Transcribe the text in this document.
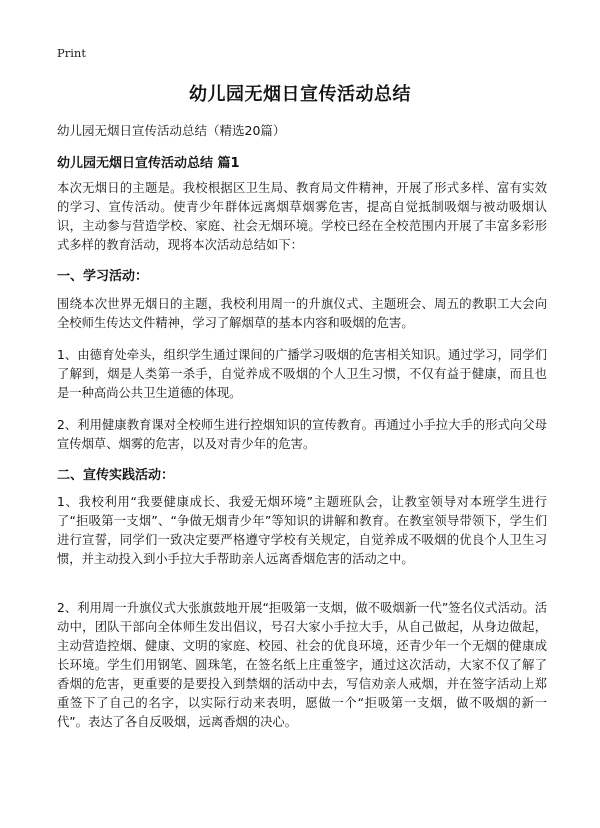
Print
幼儿园无烟日宣传活动总结
幼儿园无烟日宣传活动总结（精选20篇）
幼儿园无烟日宣传活动总结 篇1
本次无烟日的主题是。我校根据区卫生局、教育局文件精神，开展了形式多样、富有实效的学习、宣传活动。使青少年群体远离烟草烟雾危害，提高自觉抵制吸烟与被动吸烟认识，主动参与营造学校、家庭、社会无烟环境。学校已经在全校范围内开展了丰富多彩形式多样的教育活动，现将本次活动总结如下：
一、学习活动：
围绕本次世界无烟日的主题，我校利用周一的升旗仪式、主题班会、周五的教职工大会向全校师生传达文件精神，学习了解烟草的基本内容和吸烟的危害。
1、由德育处牵头，组织学生通过课间的广播学习吸烟的危害相关知识。通过学习，同学们了解到，烟是人类第一杀手，自觉养成不吸烟的个人卫生习惯，不仅有益于健康，而且也是一种高尚公共卫生道德的体现。
2、利用健康教育课对全校师生进行控烟知识的宣传教育。再通过小手拉大手的形式向父母宣传烟草、烟雾的危害，以及对青少年的危害。
二、宣传实践活动：
1、我校利用“我要健康成长、我爱无烟环境”主题班队会，让教室领导对本班学生进行了“拒吸第一支烟”、“争做无烟青少年”等知识的讲解和教育。在教室领导带领下，学生们进行宣誓，同学们一致决定要严格遵守学校有关规定，自觉养成不吸烟的优良个人卫生习惯，并主动投入到小手拉大手帮助亲人远离香烟危害的活动之中。
2、利用周一升旗仪式大张旗鼓地开展“拒吸第一支烟，做不吸烟新一代”签名仪式活动。活动中，团队干部向全体师生发出倡议，号召大家小手拉大手，从自己做起，从身边做起，主动营造控烟、健康、文明的家庭、校园、社会的优良环境，还青少年一个无烟的健康成长环境。学生们用钢笔、圆珠笔，在签名纸上庄重签字，通过这次活动，大家不仅了解了香烟的危害，更重要的是要投入到禁烟的活动中去，写信劝亲人戒烟，并在签字活动上郑重签下了自己的名字，以实际行动来表明，愿做一个“拒吸第一支烟，做不吸烟的新一代”。表达了各自反吸烟，远离香烟的决心。
